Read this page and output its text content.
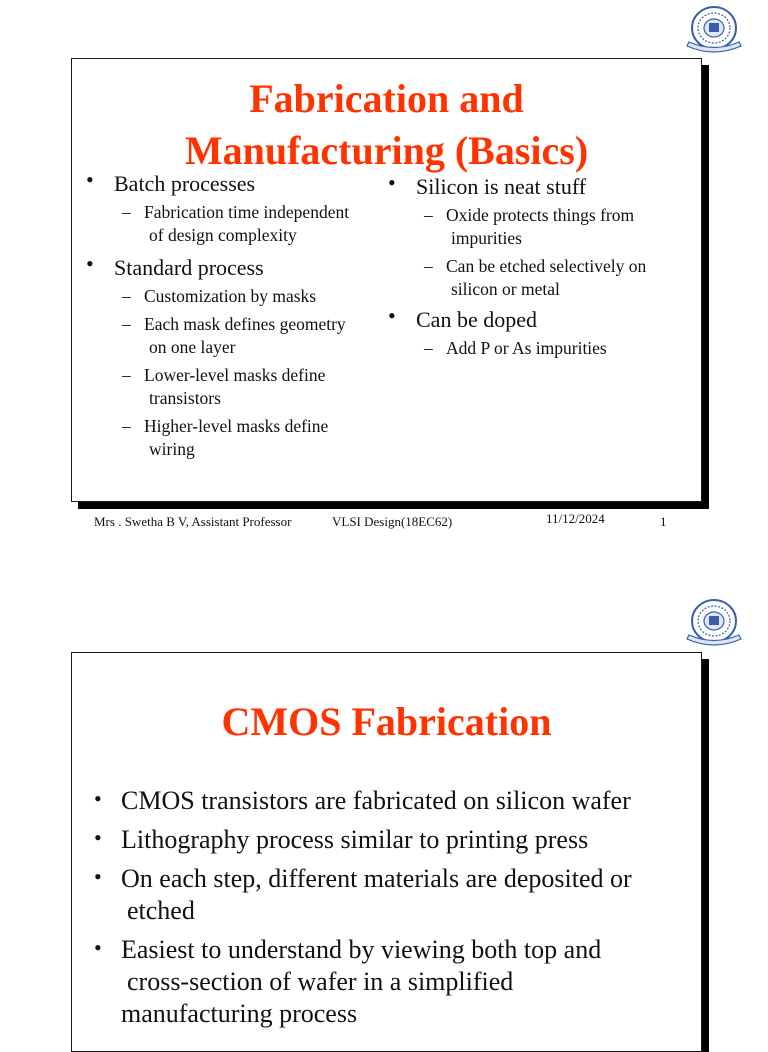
Fabrication and
Manufacturing (Basics)
• Batch processes
– Fabrication time independent
of design complexity
• Standard process
– Customization by masks
– Each mask defines geometry
on one layer
– Lower-level masks define
transistors
– Higher-level masks define
wiring
• Silicon is neat stuff
– Oxide protects things from
impurities
– Can be etched selectively on
silicon or metal
• Can be doped
– Add P or As impurities
Mrs . Swetha B V, Assistant Professor	VLSI Design(18EC62)	11/12/2024	1
CMOS Fabrication
• CMOS transistors are fabricated on silicon wafer
• Lithography process similar to printing press
• On each step, different materials are deposited or
etched
• Easiest to understand by viewing both top and
cross-section of wafer in a simplified
manufacturing process
